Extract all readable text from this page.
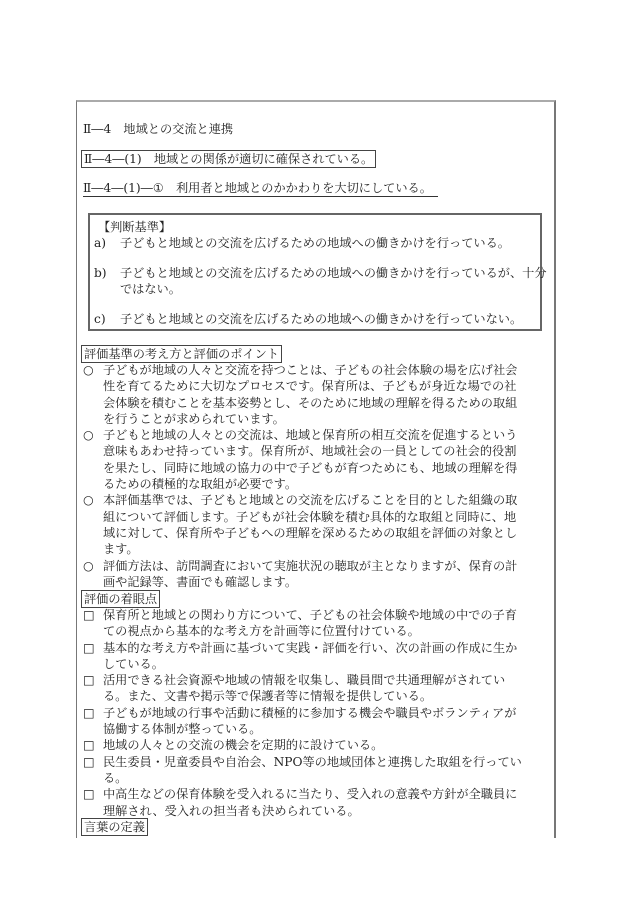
Ⅱ―4　地域との交流と連携
Ⅱ―4―(1)　地域との関係が適切に確保されている。
Ⅱ―4―(1)―①　利用者と地域とのかかわりを大切にしている。
【判断基準】
a) 子どもと地域との交流を広げるための地域への働きかけを行っている。
b) 子どもと地域との交流を広げるための地域への働きかけを行っているが、十分
ではない。
c) 子どもと地域との交流を広げるための地域への働きかけを行っていない。
評価基準の考え方と評価のポイント
○ 子どもが地域の人々と交流を持つことは、子どもの社会体験の場を広げ社会性を育てるために大切なプロセスです。保育所は、子どもが身近な場での社会体験を積むことを基本姿勢とし、そのために地域の理解を得るための取組を行うことが求められています。
○ 子どもと地域の人々との交流は、地域と保育所の相互交流を促進するという意味もあわせ持っています。保育所が、地域社会の一員としての社会的役割を果たし、同時に地域の協力の中で子どもが育つためにも、地域の理解を得るための積極的な取組が必要です。
○ 本評価基準では、子どもと地域との交流を広げることを目的とした組織の取組について評価します。子どもが社会体験を積む具体的な取組と同時に、地域に対して、保育所や子どもへの理解を深めるための取組を評価の対象とします。
○ 評価方法は、訪問調査において実施状況の聴取が主となりますが、保育の計画や記録等、書面でも確認します。
評価の着眼点
□ 保育所と地域との関わり方について、子どもの社会体験や地域の中での子育ての視点から基本的な考え方を計画等に位置付けている。
□ 基本的な考え方や計画に基づいて実践・評価を行い、次の計画の作成に生かしている。
□ 活用できる社会資源や地域の情報を収集し、職員間で共通理解がされている。また、文書や掲示等で保護者等に情報を提供している。
□ 子どもが地域の行事や活動に積極的に参加する機会や職員やボランティアが協働する体制が整っている。
□ 地域の人々との交流の機会を定期的に設けている。
□ 民生委員・児童委員や自治会、NPO等の地域団体と連携した取組を行っている。
□ 中高生などの保育体験を受入れるに当たり、受入れの意義や方針が全職員に理解され、受入れの担当者も決められている。
言葉の定義
